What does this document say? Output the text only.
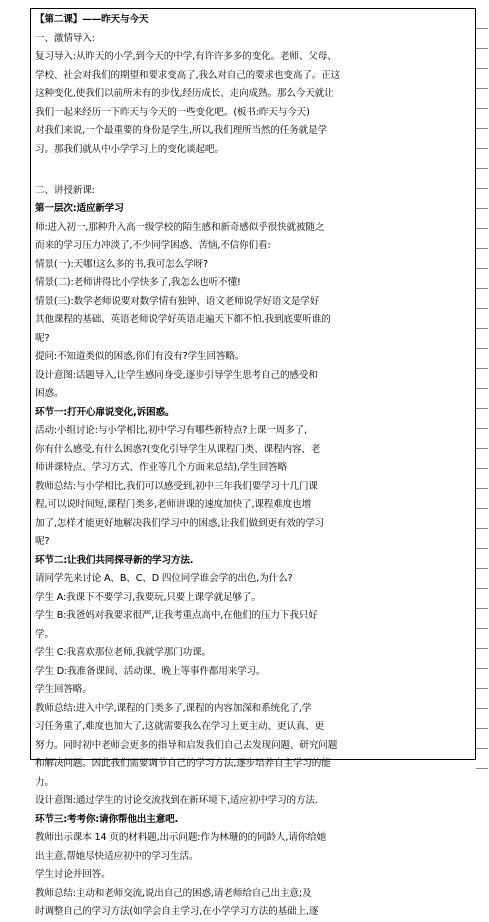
【第二课】——昨天与今天
一、激情导入:
复习导入:从昨天的小学,到今天的中学,有许许多多的变化。老师、父母、
学校、社会对我们的期望和要求变高了,我么对自己的要求也变高了。正这
这种变化,使我们以前所未有的步伐,经历成长、走向成熟。那么今天就让
我们一起来经历一下昨天与今天的一些变化吧。(板书:昨天与今天)
对我们来说,一个最重要的身份是学生,所以,我们理所当然的任务就是学
习。那我们就从中小学学习上的变化谈起吧。
二、讲授新课:
第一层次:适应新学习
师:进入初一,那种升入高一级学校的陌生感和新奇感似乎很快就被随之
而来的学习压力冲淡了,不少同学困惑、苦恼,不信你们看:
情景(一):天哪!这么多的书,我可怎么学呀?
情景(二):老师讲得比小学快多了,我怎么也听不懂!
情景(三):数学老师说要对数学情有独钟、语文老师说学好语文是学好
其他课程的基础、英语老师说学好英语走遍天下都不怕,我到底要听谁的
呢?
提问:不知道类似的困惑,你们有没有?学生回答略。
设计意图:话题导入,让学生感同身受,逐步引导学生思考自己的感受和
困惑。
环节一:打开心扉说变化,诉困惑。
活动:小组讨论:与小学相比,初中学习有哪些新特点?上课一周多了,
你有什么感受,有什么困惑?(变化引导学生从课程门类、课程内容、老
师讲课特点、学习方式、作业等几个方面来总结),学生回答略
教师总结:与小学相比,我们可以感受到,初中三年我们要学习十几门课
程,可以说时间短,课程门类多,老师讲课的速度加快了,课程难度也增
加了,怎样才能更好地解决我们学习中的困惑,让我们做到更有效的学习
呢?
环节二:让我们共同探寻新的学习方法.
请同学先来讨论 A、B、C、D 四位同学谁会学的出色,为什么?
学生 A:我课下不要学习,我要玩,只要上课学就足够了。
学生 B:我爸妈对我要求很严,让我考重点高中,在他们的压力下我只好
学。
学生 C:我喜欢那位老师,我就学那门功课。
学生 D:我准备课间、活动课、晚上等事件都用来学习。
学生回答略。
教师总结:进入中学,课程的门类多了,课程的内容加深和系统化了,学
习任务重了,难度也加大了,这就需要我么在学习上更主动、更认真、更
努力。同时初中老师会更多的指导和启发我们自己去发现问题、研究问题
和解决问题。因此我们需要调节自己的学习方法,逐步培养自主学习的能
力。
设计意图:通过学生的讨论交流找到在新环境下,适应初中学习的方法.
环节三:考考你:请你帮他出主意吧.
教师出示课本 14 页的材料题,出示问题:作为林珊的的同龄人,请你给她
出主意,帮她尽快适应初中的学习生活。
学生讨论并回答。
教师总结:主动和老师交流,说出自己的困惑,请老师给自己出主意;及
时调整自己的学习方法(如学会自主学习,在小学学习方法的基础上,逐
